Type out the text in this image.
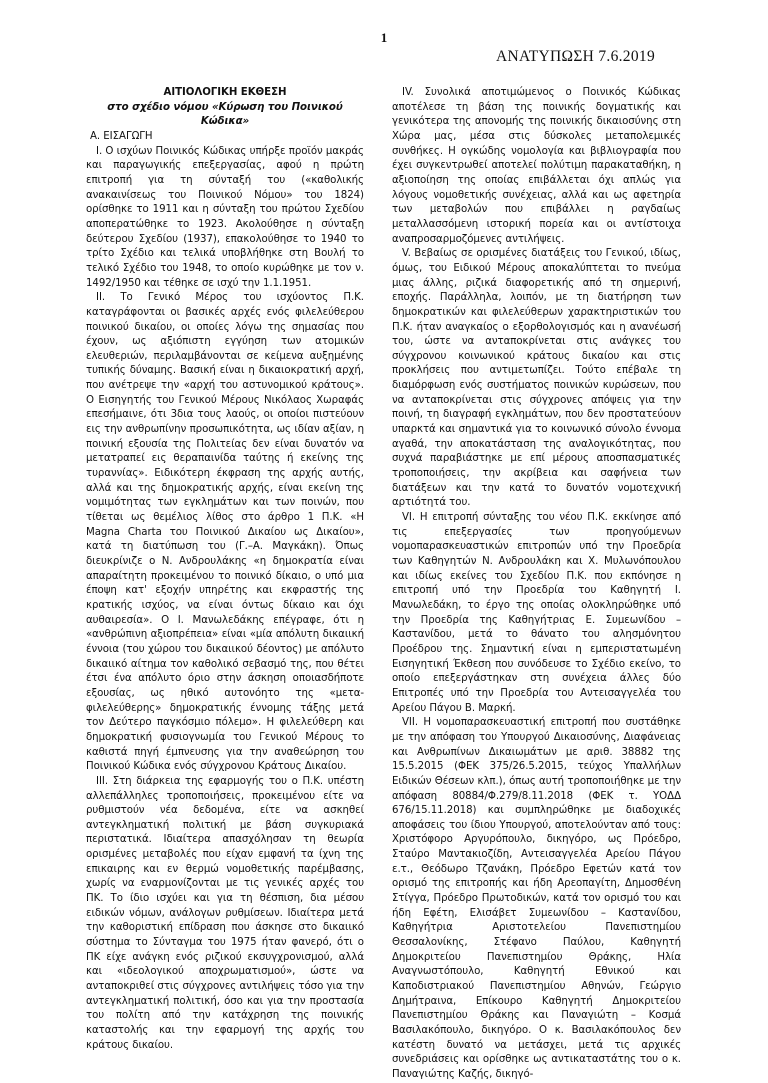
1
ΑΝΑΤΥΠΩΣΗ 7.6.2019

ΑΙΤΙΟΛΟΓΙΚΗ ΕΚΘΕΣΗ

στο σχέδιο νόμου «Κύρωση του Ποινικού Κώδικα»

Α. ΕΙΣΑΓΩΓΗ

Ι. Ο ισχύων Ποινικός Κώδικας υπήρξε προϊόν μακράς και παραγωγικής επεξεργασίας, αφού η πρώτη επιτροπή για τη σύνταξή του («καθολικής ανακαινίσεως του Ποινικού Νόμου» του 1824) ορίσθηκε το 1911 και η σύνταξη του πρώτου Σχεδίου αποπερατώθηκε το 1923. Ακολούθησε η σύνταξη δεύτερου Σχεδίου (1937), επακολούθησε το 1940 το τρίτο Σχέδιο και τελικά υποβλήθηκε στη Βουλή το τελικό Σχέδιο του 1948, το οποίο κυρώθηκε με τον ν. 1492/1950 και τέθηκε σε ισχύ την 1.1.1951.

ΙΙ. Το Γενικό Μέρος του ισχύοντος Π.Κ. καταγράφονται οι βασικές αρχές ενός φιλελεύθερου ποινικού δικαίου, οι οποίες λόγω της σημασίας που έχουν, ως αξιόπιστη εγγύηση των ατομικών ελευθεριών, περιλαμβάνονται σε κείμενα αυξημένης τυπικής δύναμης. Βασική είναι η δικαιοκρατική αρχή, που ανέτρεψε την «αρχή του αστυνομικού κράτους». Ο Εισηγητής του Γενικού Μέρους Νικόλαος Χωραφάς επεσήμαινε, ότι 3δια τους λαούς, οι οποίοι πιστεύουν εις την ανθρωπίνην προσωπικότητα, ως ιδίαν αξίαν, η ποινική εξουσία της Πολιτείας δεν είναι δυνατόν να μετατραπεί εις θεραπαινίδα ταύτης ή εκείνης της τυραννίας». Ειδικότερη έκφραση της αρχής αυτής, αλλά και της δημοκρατικής αρχής, είναι εκείνη της νομιμότητας των εγκλημάτων και των ποινών, που τίθεται ως θεμέλιος λίθος στο άρθρο 1 Π.Κ. «Η Magna Charta του Ποινικού Δικαίου ως Δικαίου», κατά τη διατύπωση του (Γ.–Α. Μαγκάκη). Όπως διευκρίνιζε ο Ν. Ανδρουλάκης «η δημοκρατία είναι απαραίτητη προκειμένου το ποινικό δίκαιο, ο υπό μια έποψη κατ' εξοχήν υπηρέτης και εκφραστής της κρατικής ισχύος, να είναι όντως δίκαιο και όχι αυθαιρεσία». Ο Ι. Μανωλεδάκης επέγραφε, ότι η «ανθρώπινη αξιοπρέπεια» είναι «μία απόλυτη δικαιική έννοια (του χώρου του δικαιικού δέοντος) με απόλυτο δικαιικό αίτημα τον καθολικό σεβασμό της, που θέτει έτσι ένα απόλυτο όριο στην άσκηση οποιασδήποτε εξουσίας, ως ηθικό αυτονόητο της «μετα-φιλελεύθερης» δημοκρατικής έννομης τάξης μετά τον Δεύτερο παγκόσμιο πόλεμο». Η φιλελεύθερη και δημοκρατική φυσιογνωμία του Γενικού Μέρους το καθιστά πηγή έμπνευσης για την αναθεώρηση του Ποινικού Κώδικα ενός σύγχρονου Κράτους Δικαίου.

ΙΙΙ. Στη διάρκεια της εφαρμογής του ο Π.Κ. υπέστη αλλεπάλληλες τροποποιήσεις, προκειμένου είτε να ρυθμιστούν νέα δεδομένα, είτε να ασκηθεί αντεγκληματική πολιτική με βάση συγκυριακά περιστατικά. Ιδιαίτερα απασχόλησαν τη θεωρία ορισμένες μεταβολές που είχαν εμφανή τα ίχνη της επικαιρης και εν θερμώ νομοθετικής παρέμβασης, χωρίς να εναρμονίζονται με τις γενικές αρχές του ΠΚ. Το ίδιο ισχύει και για τη θέσπιση, δια μέσου ειδικών νόμων, ανάλογων ρυθμίσεων. Ιδιαίτερα μετά την καθοριστική επίδραση που άσκησε στο δικαιικό σύστημα το Σύνταγμα του 1975 ήταν φανερό, ότι ο ΠΚ είχε ανάγκη ενός ριζικού εκσυγχρονισμού, αλλά και «ιδεολογικού αποχρωματισμού», ώστε να ανταποκριθεί στις σύγχρονες αντιλήψεις τόσο για την αντεγκληματική πολιτική, όσο και για την προστασία του πολίτη από την κατάχρηση της ποινικής καταστολής και την εφαρμογή της αρχής του κράτους δικαίου.

ΙV. Συνολικά αποτιμώμενος ο Ποινικός Κώδικας αποτέλεσε τη βάση της ποινικής δογματικής και γενικότερα της απονομής της ποινικής δικαιοσύνης στη Χώρα μας, μέσα στις δύσκολες μεταπολεμικές συνθήκες. Η ογκώδης νομολογία και βιβλιογραφία που έχει συγκεντρωθεί αποτελεί πολύτιμη παρακαταθήκη, η αξιοποίηση της οποίας επιβάλλεται όχι απλώς για λόγους νομοθετικής συνέχειας, αλλά και ως αφετηρία των μεταβολών που επιβάλλει η ραγδαίως μεταλλασσόμενη ιστορική πορεία και οι αντίστοιχα αναπροσαρμοζόμενες αντιλήψεις.

V. Βεβαίως σε ορισμένες διατάξεις του Γενικού, ιδίως, όμως, του Ειδικού Μέρους αποκαλύπτεται το πνεύμα μιας άλλης, ριζικά διαφορετικής από τη σημερινή, εποχής. Παράλληλα, λοιπόν, με τη διατήρηση των δημοκρατικών και φιλελεύθερων χαρακτηριστικών του Π.Κ. ήταν αναγκαίος ο εξορθολογισμός και η ανανέωσή του, ώστε να ανταποκρίνεται στις ανάγκες του σύγχρονου κοινωνικού κράτους δικαίου και στις προκλήσεις που αντιμετωπίζει. Τούτο επέβαλε τη διαμόρφωση ενός συστήματος ποινικών κυρώσεων, που να ανταποκρίνεται στις σύγχρονες απόψεις για την ποινή, τη διαγραφή εγκλημάτων, που δεν προστατεύουν υπαρκτά και σημαντικά για το κοινωνικό σύνολο έννομα αγαθά, την αποκατάσταση της αναλογικότητας, που συχνά παραβιάστηκε με επί μέρους αποσπασματικές τροποποιήσεις, την ακρίβεια και σαφήνεια των διατάξεων και την κατά το δυνατόν νομοτεχνική αρτιότητά του.

VI. Η επιτροπή σύνταξης του νέου Π.Κ. εκκίνησε από τις επεξεργασίες των προηγούμενων νομοπαρασκευαστικών επιτροπών υπό την Προεδρία των Καθηγητών Ν. Ανδρουλάκη και Χ. Μυλωνόπουλου και ιδίως εκείνες του Σχεδίου Π.Κ. που εκπόνησε η επιτροπή υπό την Προεδρία του Καθηγητή Ι. Μανωλεδάκη, το έργο της οποίας ολοκληρώθηκε υπό την Προεδρία της Καθηγήτριας Ε. Συμεωνίδου – Καστανίδου, μετά το θάνατο του αλησμόνητου Προέδρου της. Σημαντική είναι η εμπεριστατωμένη Εισηγητική Έκθεση που συνόδευσε το Σχέδιο εκείνο, το οποίο επεξεργάστηκαν στη συνέχεια άλλες δύο Επιτροπές υπό την Προεδρία του Αντεισαγγελέα του Αρείου Πάγου Β. Μαρκή.

VII. Η νομοπαρασκευαστική επιτροπή που συστάθηκε με την απόφαση του Υπουργού Δικαιοσύνης, Διαφάνειας και Ανθρωπίνων Δικαιωμάτων με αριθ. 38882 της 15.5.2015 (ΦΕΚ 375/26.5.2015, τεύχος Υπαλλήλων Ειδικών Θέσεων κλπ.), όπως αυτή τροποποιήθηκε με την απόφαση 80884/Φ.279/8.11.2018 (ΦΕΚ τ. ΥΟΔΔ 676/15.11.2018) και συμπληρώθηκε με διαδοχικές αποφάσεις του ίδιου Υπουργού, αποτελούνταν από τους: Χριστόφορο Αργυρόπουλο, δικηγόρο, ως Πρόεδρο, Σταύρο Μαντακιοζίδη, Αντεισαγγελέα Αρείου Πάγου ε.τ., Θεόδωρο Τζανάκη, Πρόεδρο Εφετών κατά τον ορισμό της επιτροπής και ήδη Αρεοπαγίτη, Δημοσθένη Στίγγα, Πρόεδρο Πρωτοδικών, κατά τον ορισμό του και ήδη Εφέτη, Ελισάβετ Συμεωνίδου – Καστανίδου, Καθηγήτρια Αριστοτελείου Πανεπιστημίου Θεσσαλονίκης, Στέφανο Παύλου, Καθηγητή Δημοκριτείου Πανεπιστημίου Θράκης, Ηλία Αναγνωστόπουλο, Καθηγητή Εθνικού και Καποδιστριακού Πανεπιστημίου Αθηνών, Γεώργιο Δημήτραινα, Επίκουρο Καθηγητή Δημοκριτείου Πανεπιστημίου Θράκης και Παναγιώτη – Κοσμά Βασιλακόπουλο, δικηγόρο. Ο κ. Βασιλακόπουλος δεν κατέστη δυνατό να μετάσχει, μετά τις αρχικές συνεδριάσεις και ορίσθηκε ως αντικαταστάτης του ο κ. Παναγιώτης Καζής, δικηγό-
